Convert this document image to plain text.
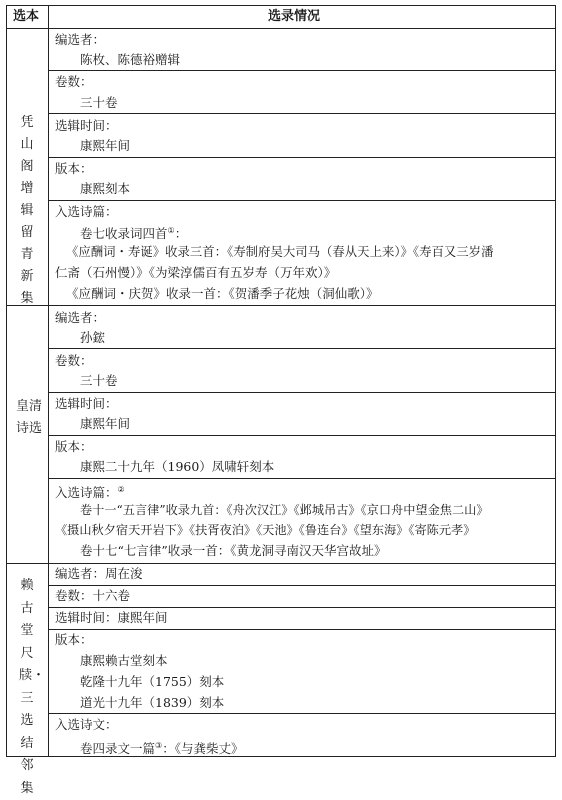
选本	选录情况
凭山阁增辑留青新集
编选者：
陈枚、陈德裕赠辑
卷数：
三十卷
选辑时间：
康熙年间
版本：
康熙刻本
入选诗篇：
卷七收录词四首①：
《应酬词・寿诞》收录三首：《寿制府吴大司马（春从天上来）》《寿百又三岁潘
仁斋（石州慢）》《为梁淳儒百有五岁寿（万年欢）》
《应酬词・庆贺》收录一首：《贺潘季子花烛（洞仙歌）》
皇清诗选
编选者：
孙鋐
卷数：
三十卷
选辑时间：
康熙年间
版本：
康熙二十九年（1960）凤啸轩刻本
入选诗篇：②
卷十一“五言律”收录九首：《舟次汉江》《邺城吊古》《京口舟中望金焦二山》
《摄山秋夕宿天开岩下》《扶胥夜泊》《天池》《鲁连台》《望东海》《寄陈元孝》
卷十七“七言律”收录一首：《黄龙洞寻南汉天华宫故址》
赖古堂尺牍・三选结邻集
编选者：周在浚
卷数：十六卷
选辑时间：康熙年间
版本：
康熙赖古堂刻本
乾隆十九年（1755）刻本
道光十九年（1839）刻本
入选诗文：
卷四录文一篇③：《与龚柴丈》
